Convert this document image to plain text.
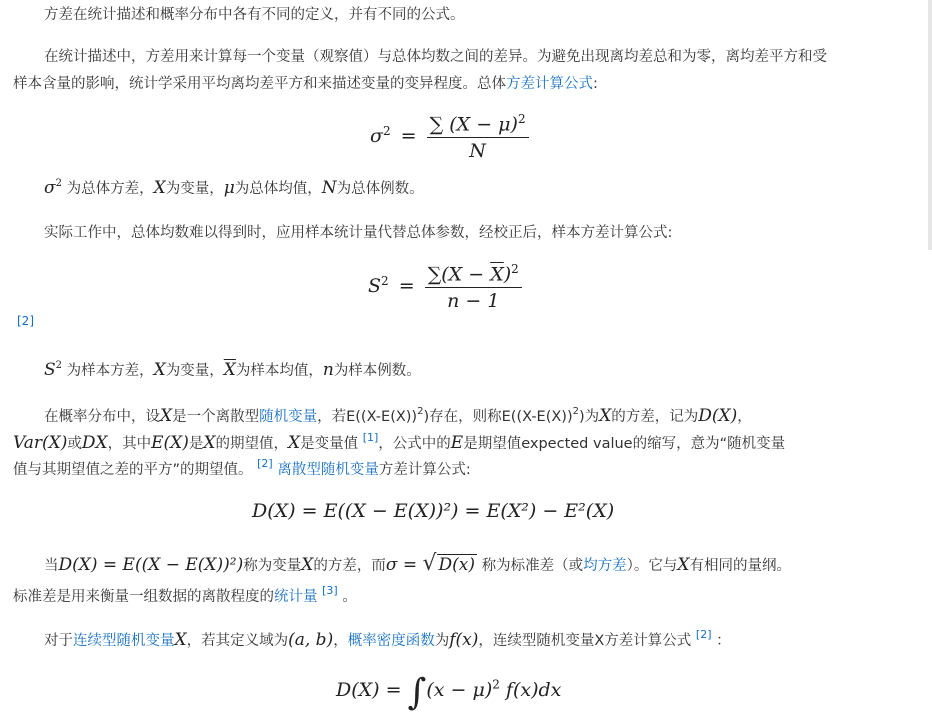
方差在统计描述和概率分布中各有不同的定义，并有不同的公式。
在统计描述中，方差用来计算每一个变量（观察值）与总体均数之间的差异。为避免出现离均差总和为零，离均差平方和受
样本含量的影响，统计学采用平均离均差平方和来描述变量的变异程度。总体方差计算公式:
$\sigma^2 = \frac{\sum (X - \mu)^2}{N}$
$\sigma^2$ 为总体方差，X为变量，μ为总体均值，N为总体例数。
实际工作中，总体均数难以得到时，应用样本统计量代替总体参数，经校正后，样本方差计算公式:
$S^2 = \frac{\sum(X - \overline{X})^2}{n - 1}$
[2]
$S^2$ 为样本方差，X为变量，$\overline{X}$为样本均值，n为样本例数。
在概率分布中，设X是一个离散型随机变量，若$E((X-E(X))^2)$存在，则称$E((X-E(X))^2)$为X的方差，记为D(X)，
Var(X)或DX，其中E(X)是X的期望值，X是变量值 [1]，公式中的E是期望值expected value的缩写，意为“随机变量
值与其期望值之差的平方”的期望值。 [2] 离散型随机变量方差计算公式:
D(X) = E((X − E(X))²) = E(X²) − E²(X)
当D(X) = E((X − E(X))²)称为变量X的方差，而σ = √ D(x) 称为标准差（或均方差）。它与X有相同的量纲。
标准差是用来衡量一组数据的离散程度的统计量 [3] 。
对于连续型随机变量X，若其定义域为(a, b)，概率密度函数为f(x)，连续型随机变量X方差计算公式 [2] ：
$D(X) = \int(x - \mu)^2$ f(x)dx
